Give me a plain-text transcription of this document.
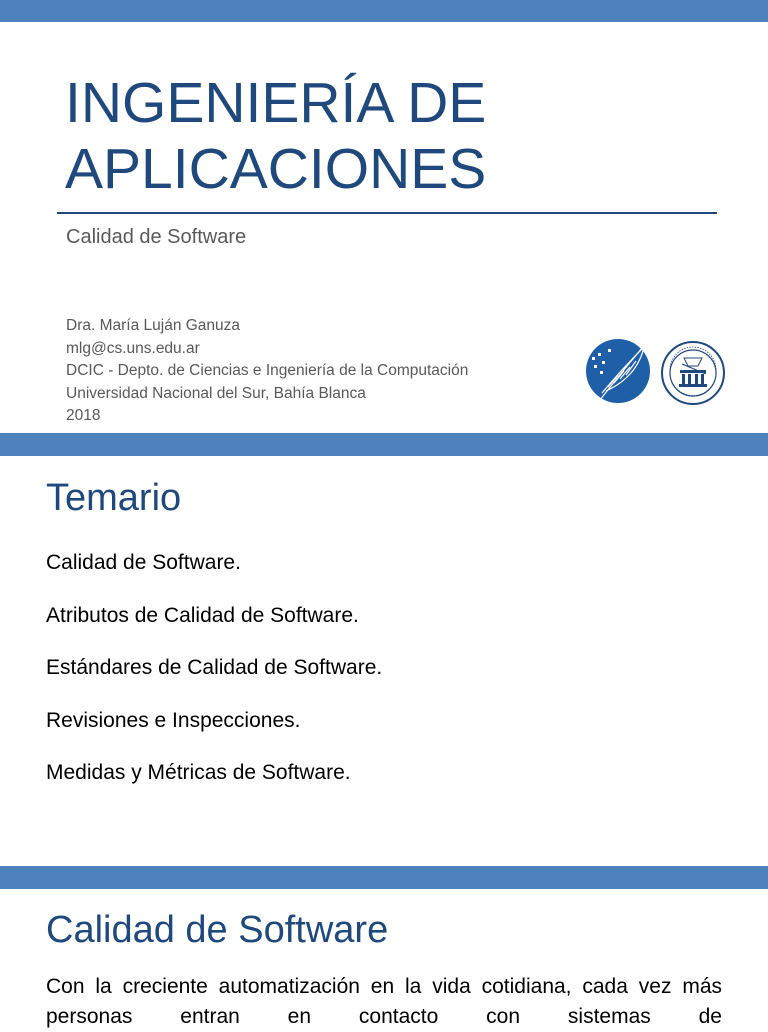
INGENIERÍA DE APLICACIONES
Calidad de Software
Dra. María Luján Ganuza
mlg@cs.uns.edu.ar
DCIC - Depto. de Ciencias e Ingeniería de la Computación
Universidad Nacional del Sur, Bahía Blanca
2018
Temario
Calidad de Software.
Atributos de Calidad de Software.
Estándares de Calidad de Software.
Revisiones e Inspecciones.
Medidas y Métricas de Software.
Calidad de Software

Con la creciente automatización en la vida cotidiana, cada vez más personas entran en contacto con sistemas de
